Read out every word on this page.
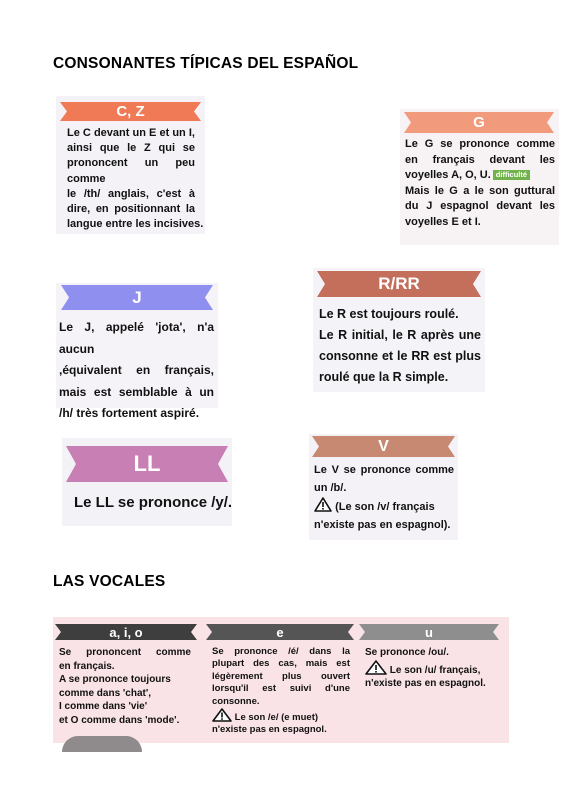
CONSONANTES TÍPICAS DEL ESPAÑOL
LAS VOCALES
C, Z
Le C devant un E et un I,
ainsi que le Z qui se
prononcent un peu comme
le /th/ anglais, c'est à
dire, en positionnant la
langue entre les incisives.
G
Le G se prononce comme
en français devant les
voyelles A, O, U. difficulté
Mais le G a le son guttural
du J espagnol devant les
voyelles E et I.
J
Le J, appelé 'jota', n'a aucun
,équivalent en français,
mais est semblable à un
/h/ très fortement aspiré.
R/RR
Le R est toujours roulé.
Le R initial, le R après une
consonne et le RR est plus
roulé que la R simple.
LL
Le LL se prononce /y/.
V
Le V se prononce comme
un /b/.
(Le son /v/ français
n'existe pas en espagnol).
a, i, o
Se prononcent comme
en français.
A se prononce toujours
comme dans 'chat',
I comme dans 'vie'
et O comme dans 'mode'.
e
Se prononce /é/ dans la
plupart des cas, mais est
légèrement plus ouvert
lorsqu'il est suivi d'une
consonne.
Le son /e/ (e muet)
n'existe pas en espagnol.
u
Se prononce /ou/.
Le son /u/ français,
n'existe pas en espagnol.
